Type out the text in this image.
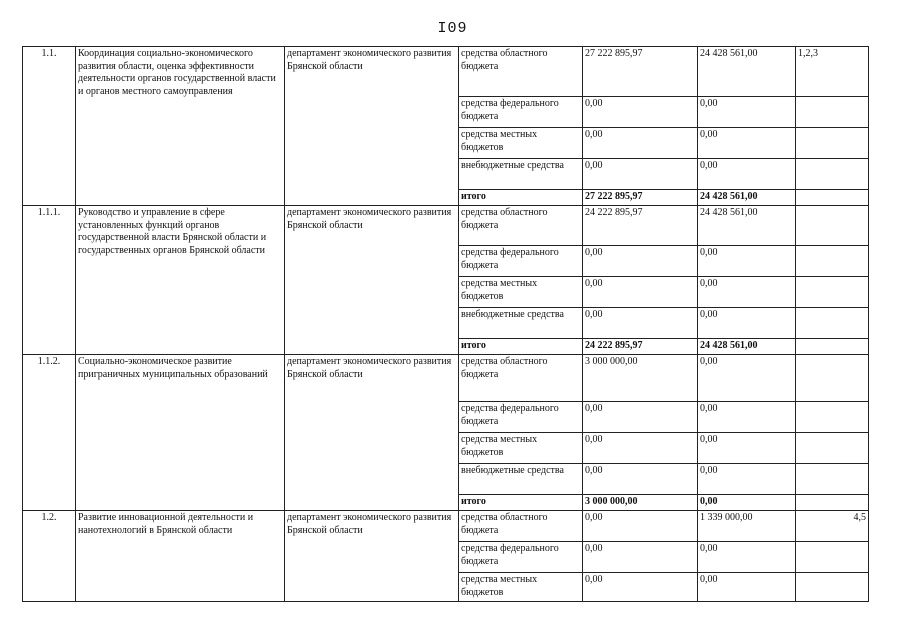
I09
1.1.	Координация социально-экономического развития области, оценка эффективности деятельности органов государственной власти и органов местного самоуправления	департамент экономического развития Брянской области	средства областного бюджета	27 222 895,97	24 428 561,00	1,2,3
			средства федерального бюджета	0,00	0,00	
			средства местных бюджетов	0,00	0,00	
			внебюджетные средства	0,00	0,00	
			итого	27 222 895,97	24 428 561,00	
1.1.1.	Руководство и управление в сфере установленных функций органов государственной власти Брянской области и государственных органов Брянской области	департамент экономического развития Брянской области	средства областного бюджета	24 222 895,97	24 428 561,00	
			средства федерального бюджета	0,00	0,00	
			средства местных бюджетов	0,00	0,00	
			внебюджетные средства	0,00	0,00	
			итого	24 222 895,97	24 428 561,00	
1.1.2.	Социально-экономическое развитие приграничных муниципальных образований	департамент экономического развития Брянской области	средства областного бюджета	3 000 000,00	0,00	
			средства федерального бюджета	0,00	0,00	
			средства местных бюджетов	0,00	0,00	
			внебюджетные средства	0,00	0,00	
			итого	3 000 000,00	0,00	
1.2.	Развитие инновационной деятельности и нанотехнологий в Брянской области	департамент экономического развития Брянской области	средства областного бюджета	0,00	1 339 000,00	4,5
			средства федерального бюджета	0,00	0,00	
			средства местных бюджетов	0,00	0,00	
